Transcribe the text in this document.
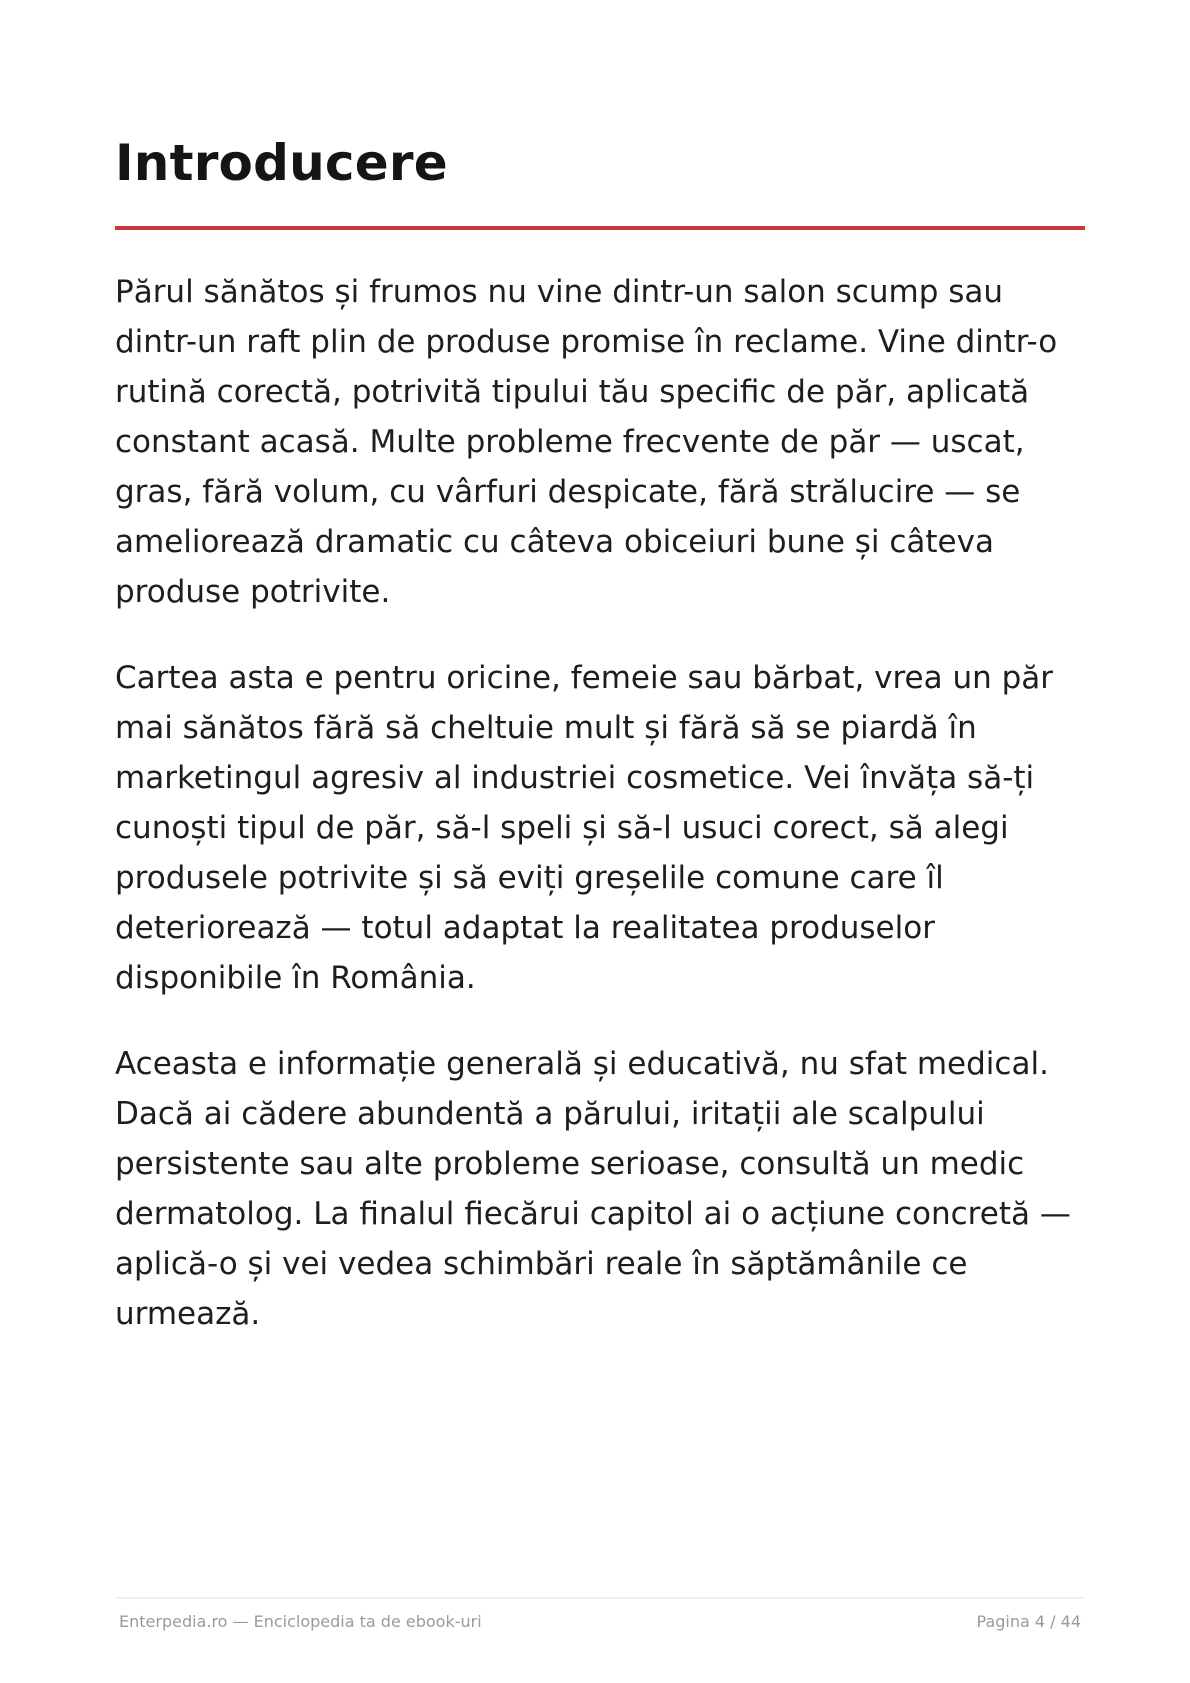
Introducere

Părul sănătos și frumos nu vine dintr-un salon scump sau dintr-un raft plin de produse promise în reclame. Vine dintr-o rutină corectă, potrivită tipului tău specific de păr, aplicată constant acasă. Multe probleme frecvente de păr — uscat, gras, fără volum, cu vârfuri despicate, fără strălucire — se ameliorează dramatic cu câteva obiceiuri bune și câteva produse potrivite.

Cartea asta e pentru oricine, femeie sau bărbat, vrea un păr mai sănătos fără să cheltuie mult și fără să se piardă în marketingul agresiv al industriei cosmetice. Vei învăța să-ți cunoști tipul de păr, să-l speli și să-l usuci corect, să alegi produsele potrivite și să eviți greșelile comune care îl deteriorează — totul adaptat la realitatea produselor disponibile în România.

Aceasta e informație generală și educativă, nu sfat medical. Dacă ai cădere abundentă a părului, iritații ale scalpului persistente sau alte probleme serioase, consultă un medic dermatolog. La finalul fiecărui capitol ai o acțiune concretă — aplică-o și vei vedea schimbări reale în săptămânile ce urmează.

Enterpedia.ro — Enciclopedia ta de ebook-uri	Pagina 4 / 44
